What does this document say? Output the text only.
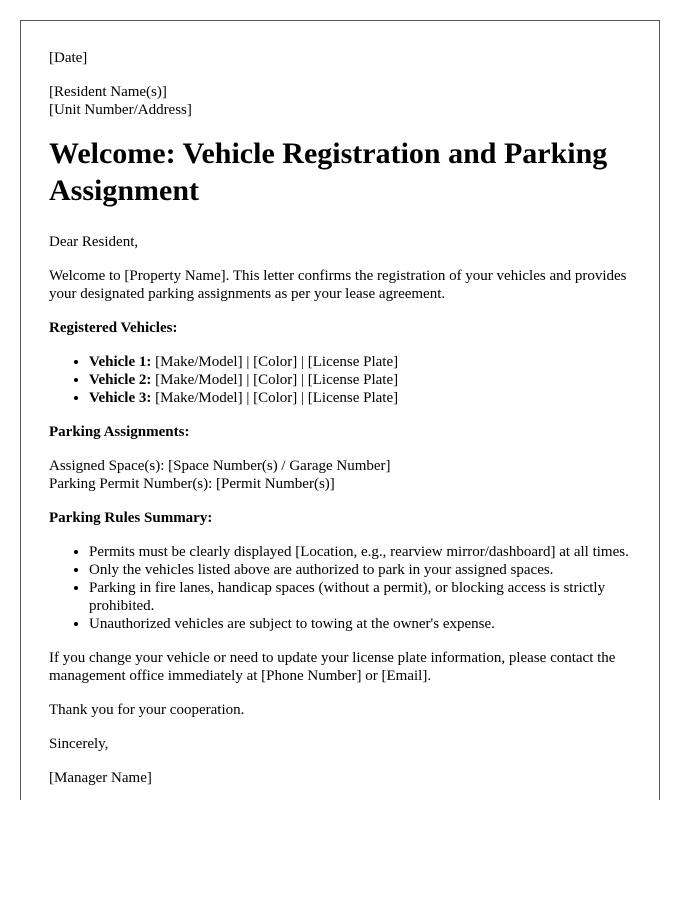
[Date]

[Resident Name(s)]
[Unit Number/Address]

Welcome: Vehicle Registration and Parking Assignment

Dear Resident,

Welcome to [Property Name]. This letter confirms the registration of your vehicles and provides your designated parking assignments as per your lease agreement.

Registered Vehicles:

• Vehicle 1: [Make/Model] | [Color] | [License Plate]
• Vehicle 2: [Make/Model] | [Color] | [License Plate]
• Vehicle 3: [Make/Model] | [Color] | [License Plate]

Parking Assignments:

Assigned Space(s): [Space Number(s) / Garage Number]
Parking Permit Number(s): [Permit Number(s)]

Parking Rules Summary:

• Permits must be clearly displayed [Location, e.g., rearview mirror/dashboard] at all times.
• Only the vehicles listed above are authorized to park in your assigned spaces.
• Parking in fire lanes, handicap spaces (without a permit), or blocking access is strictly prohibited.
• Unauthorized vehicles are subject to towing at the owner's expense.

If you change your vehicle or need to update your license plate information, please contact the management office immediately at [Phone Number] or [Email].

Thank you for your cooperation.

Sincerely,

[Manager Name]
